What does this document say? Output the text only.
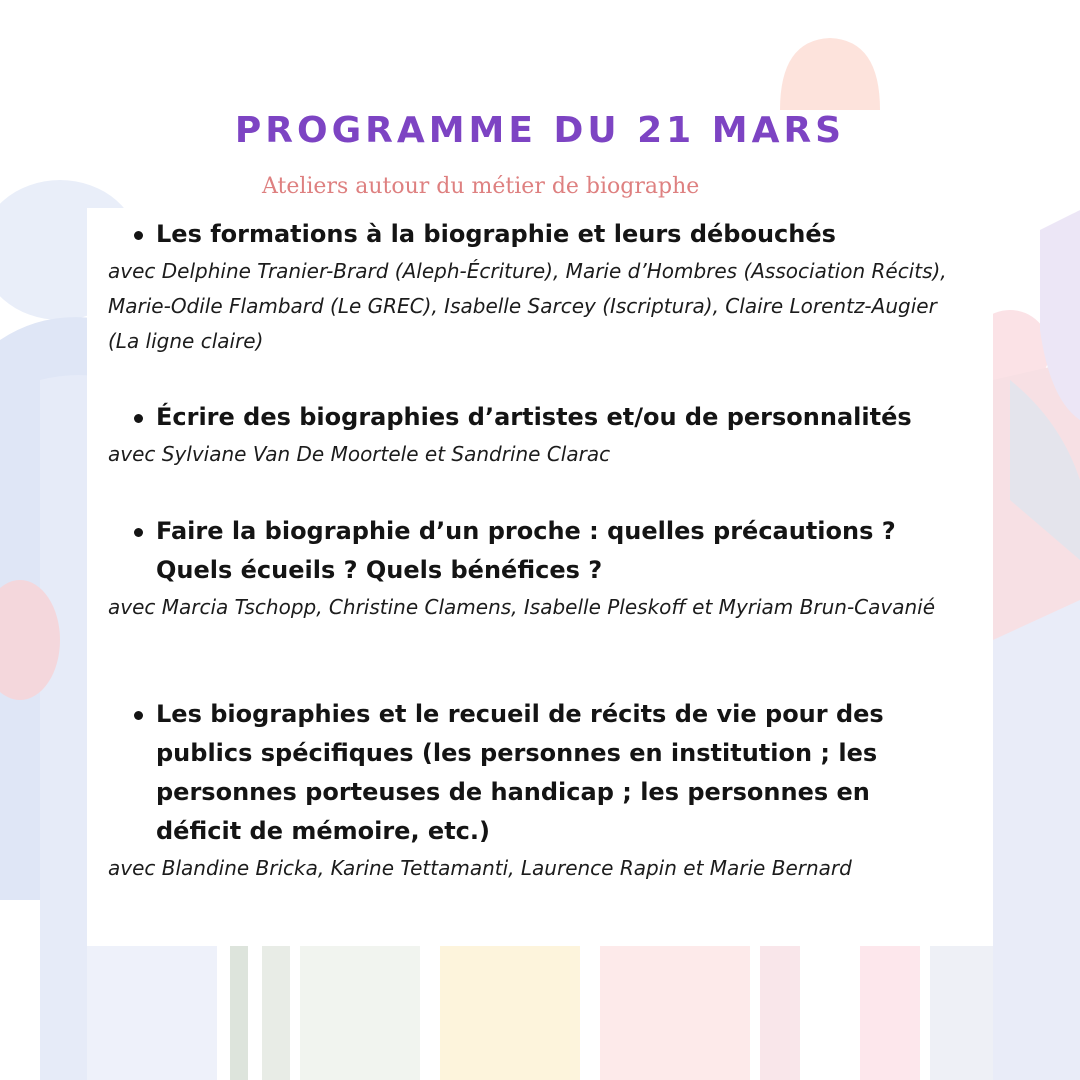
PROGRAMME DU 21 MARS
Ateliers autour du métier de biographe
Les formations à la biographie et leurs débouchés
avec Delphine Tranier-Brard (Aleph-Écriture), Marie d’Hombres (Association Récits), Marie-Odile Flambard (Le GREC), Isabelle Sarcey (Iscriptura), Claire Lorentz-Augier (La ligne claire)
Écrire des biographies d’artistes et/ou de personnalités
avec Sylviane Van De Moortele et Sandrine Clarac
Faire la biographie d’un proche : quelles précautions ? Quels écueils ? Quels bénéfices ?
avec Marcia Tschopp, Christine Clamens, Isabelle Pleskoff et Myriam Brun-Cavanié
Les biographies et le recueil de récits de vie pour des publics spécifiques (les personnes en institution ; les personnes porteuses de handicap ; les personnes en déficit de mémoire, etc.)
avec Blandine Bricka, Karine Tettamanti, Laurence Rapin et Marie Bernard
